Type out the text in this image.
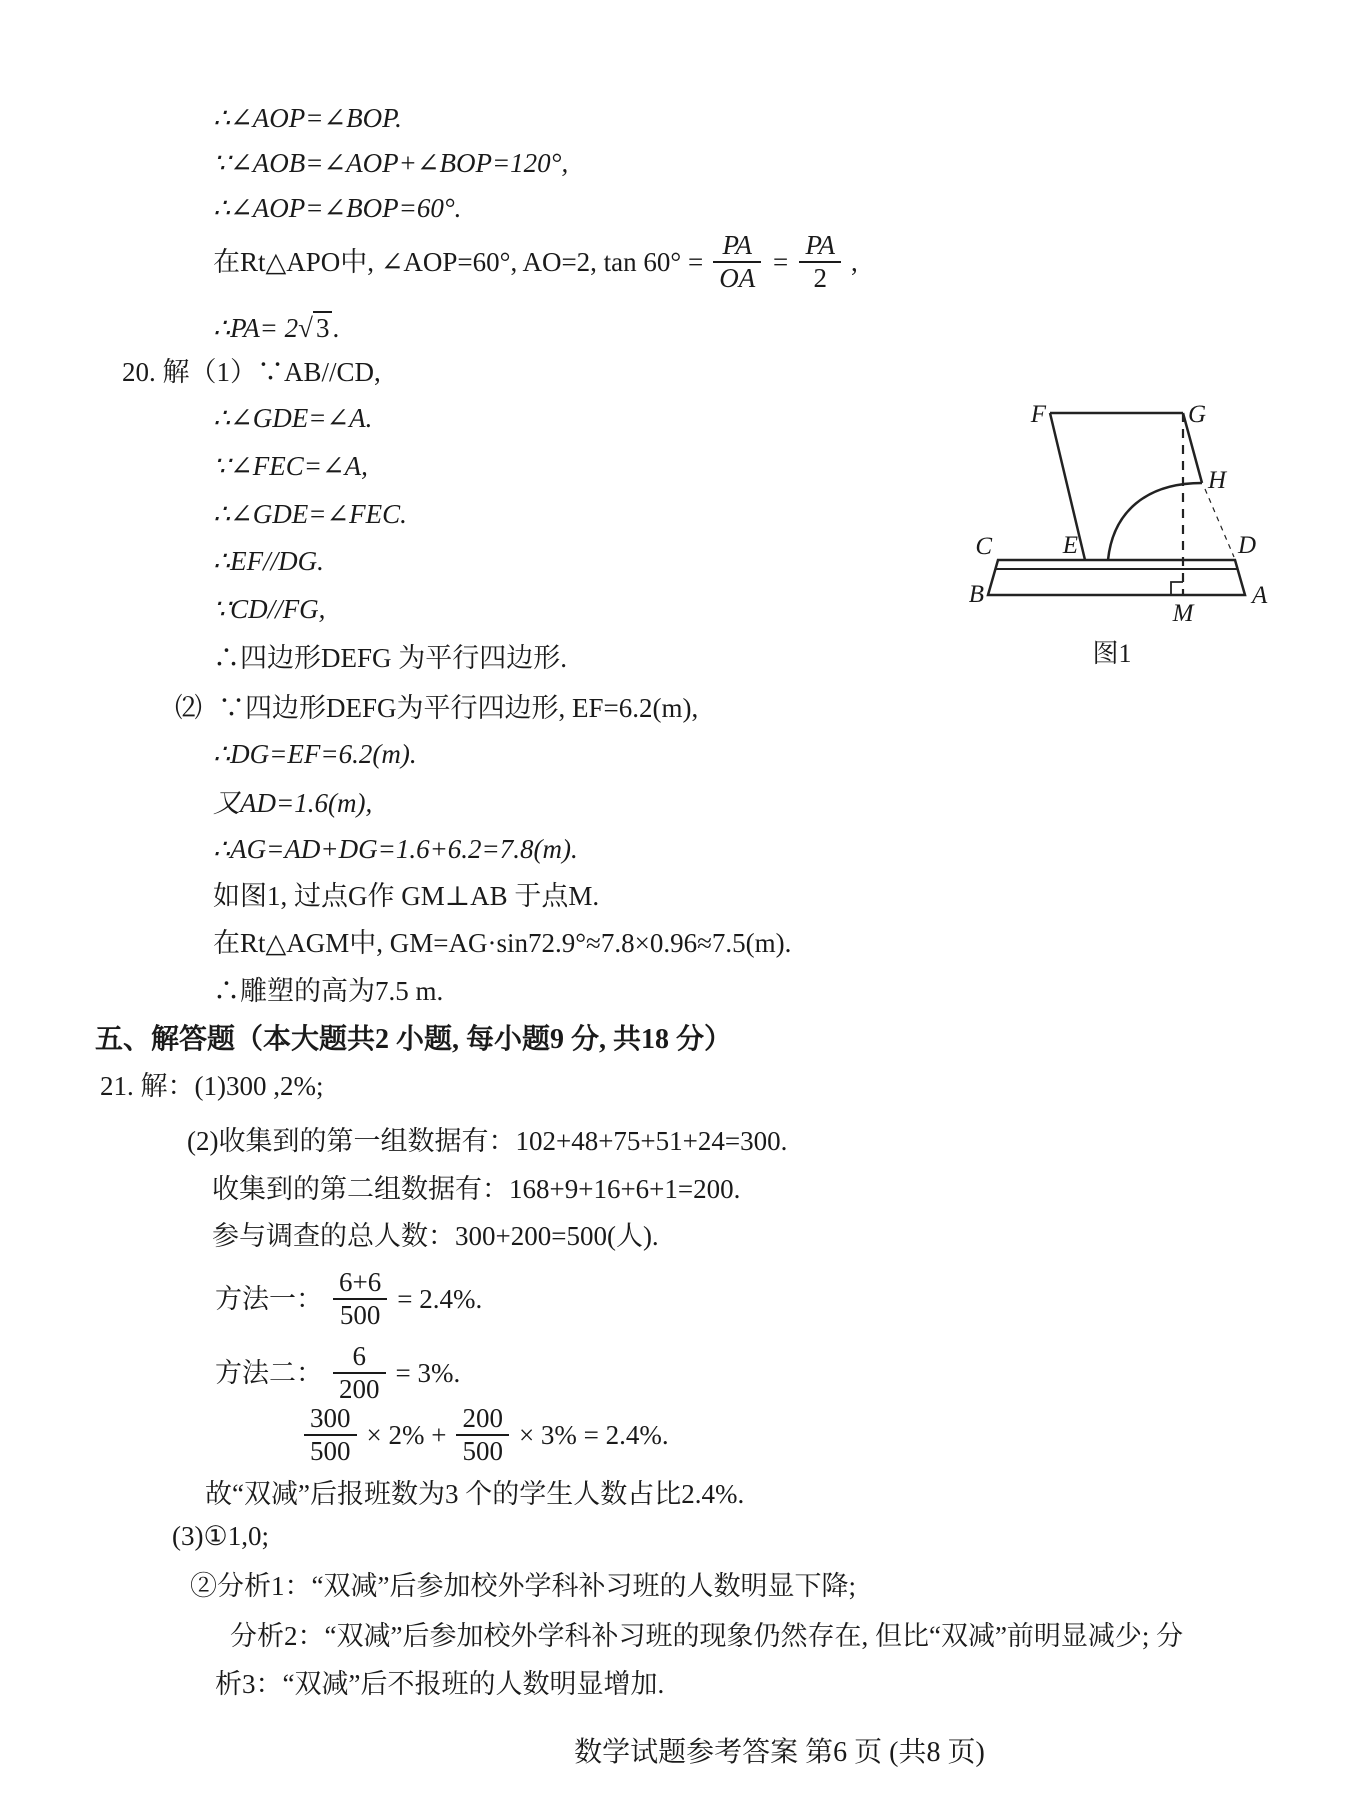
∴∠AOP=∠BOP.
∵∠AOB=∠AOP+∠BOP=120°,
∴∠AOP=∠BOP=60°.
在Rt△APO中, ∠AOP=60°, AO=2, $\tan 60^\circ = \frac{PA}{OA} = \frac{PA}{2}$ ,
∴PA= 2√ 3 .
20. 解（1）∵AB//CD,
∴∠GDE=∠A.
∵∠FEC=∠A,
∴∠GDE=∠FEC.
∴EF//DG.
∵CD//FG,
∴四边形DEFG 为平行四边形.
⑵ ∵四边形DEFG为平行四边形, EF=6.2(m),
∴DG=EF=6.2(m).
又AD=1.6(m),
∴AG=AD+DG=1.6+6.2=7.8(m).
如图1, 过点G作 GM⊥AB 于点M.
在Rt△AGM中, GM=AG·sin72.9°≈7.8×0.96≈7.5(m).
∴雕塑的高为7.5 m.
F	G
H
C	E	D
B	A
M
图1
五、解答题（本大题共2 小题, 每小题9 分, 共18 分）
21. 解：(1)300 ,2%;
(2)收集到的第一组数据有：102+48+75+51+24=300.
收集到的第二组数据有：168+9+16+6+1=200.
参与调查的总人数：300+200=500(人).
方法一： $\frac{6+6}{500} = 2.4\%$.
方法二： $\frac{6}{200} = 3\%$.
$\frac{300}{500} \times 2\% + \frac{200}{500} \times 3\% = 2.4\%$.
故“双减”后报班数为3 个的学生人数占比2.4%.
(3)①1,0;
②分析1：“双减”后参加校外学科补习班的人数明显下降;
分析2：“双减”后参加校外学科补习班的现象仍然存在, 但比“双减”前明显减少; 分
析3：“双减”后不报班的人数明显增加.
数学试题参考答案 第6 页 (共8 页)
